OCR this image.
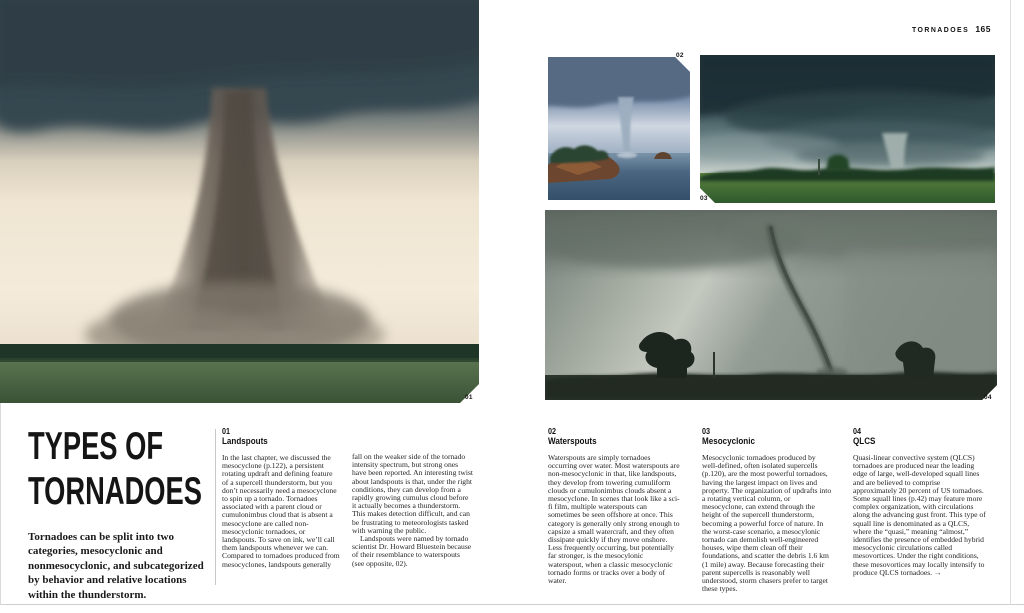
TORNADOES 165
01
02
03
04
TYPES OF
TORNADOES
Tornadoes can be split into two categories, mesocyclonic and nonmesocyclonic, and subcategorized by behavior and relative locations within the thunderstorm.
01
Landspouts

In the last chapter, we discussed the mesocyclone (p.122), a persistent rotating updraft and defining feature of a supercell thunderstorm, but you don’t necessarily need a mesocyclone to spin up a tornado. Tornadoes associated with a parent cloud or cumulonimbus cloud that is absent a mesocyclone are called non-mesocyclonic tornadoes, or landspouts. To save on ink, we’ll call them landspouts whenever we can. Compared to tornadoes produced from mesocyclones, landspouts generally

fall on the weaker side of the tornado intensity spectrum, but strong ones have been reported. An interesting twist about landspouts is that, under the right conditions, they can develop from a rapidly growing cumulus cloud before it actually becomes a thunderstorm. This makes detection difficult, and can be frustrating to meteorologists tasked with warning the public.

Landspouts were named by tornado scientist Dr. Howard Bluestein because of their resemblance to waterspouts (see opposite, 02).

02
Waterspouts

Waterspouts are simply tornadoes occurring over water. Most waterspouts are non-mesocyclonic in that, like landspouts, they develop from towering cumuliform clouds or cumulonimbus clouds absent a mesocyclone. In scenes that look like a sci-fi film, multiple waterspouts can sometimes be seen offshore at once. This category is generally only strong enough to capsize a small watercraft, and they often dissipate quickly if they move onshore. Less frequently occurring, but potentially far stronger, is the mesocylonic waterspout, when a classic mesocyclonic tornado forms or tracks over a body of water.

03
Mesocyclonic

Mesocyclonic tornadoes produced by well-defined, often isolated supercells (p.120), are the most powerful tornadoes, having the largest impact on lives and property. The organization of updrafts into a rotating vertical column, or mesocyclone, can extend through the height of the supercell thunderstorm, becoming a powerful force of nature. In the worst-case scenario, a mesocylonic tornado can demolish well-engineered houses, wipe them clean off their foundations, and scatter the debris 1.6 km (1 mile) away. Because forecasting their parent supercells is reasonably well understood, storm chasers prefer to target these types.

04
QLCS

Quasi-linear convective system (QLCS) tornadoes are produced near the leading edge of large, well-developed squall lines and are believed to comprise approximately 20 percent of US tornadoes. Some squall lines (p.42) may feature more complex organization, with circulations along the advancing gust front. This type of squall line is denominated as a QLCS, where the “quasi,” meaning “almost,” identifies the presence of embedded hybrid mesocyclonic circulations called mesovortices. Under the right conditions, these mesovortices may locally intensify to produce QLCS tornadoes. →
